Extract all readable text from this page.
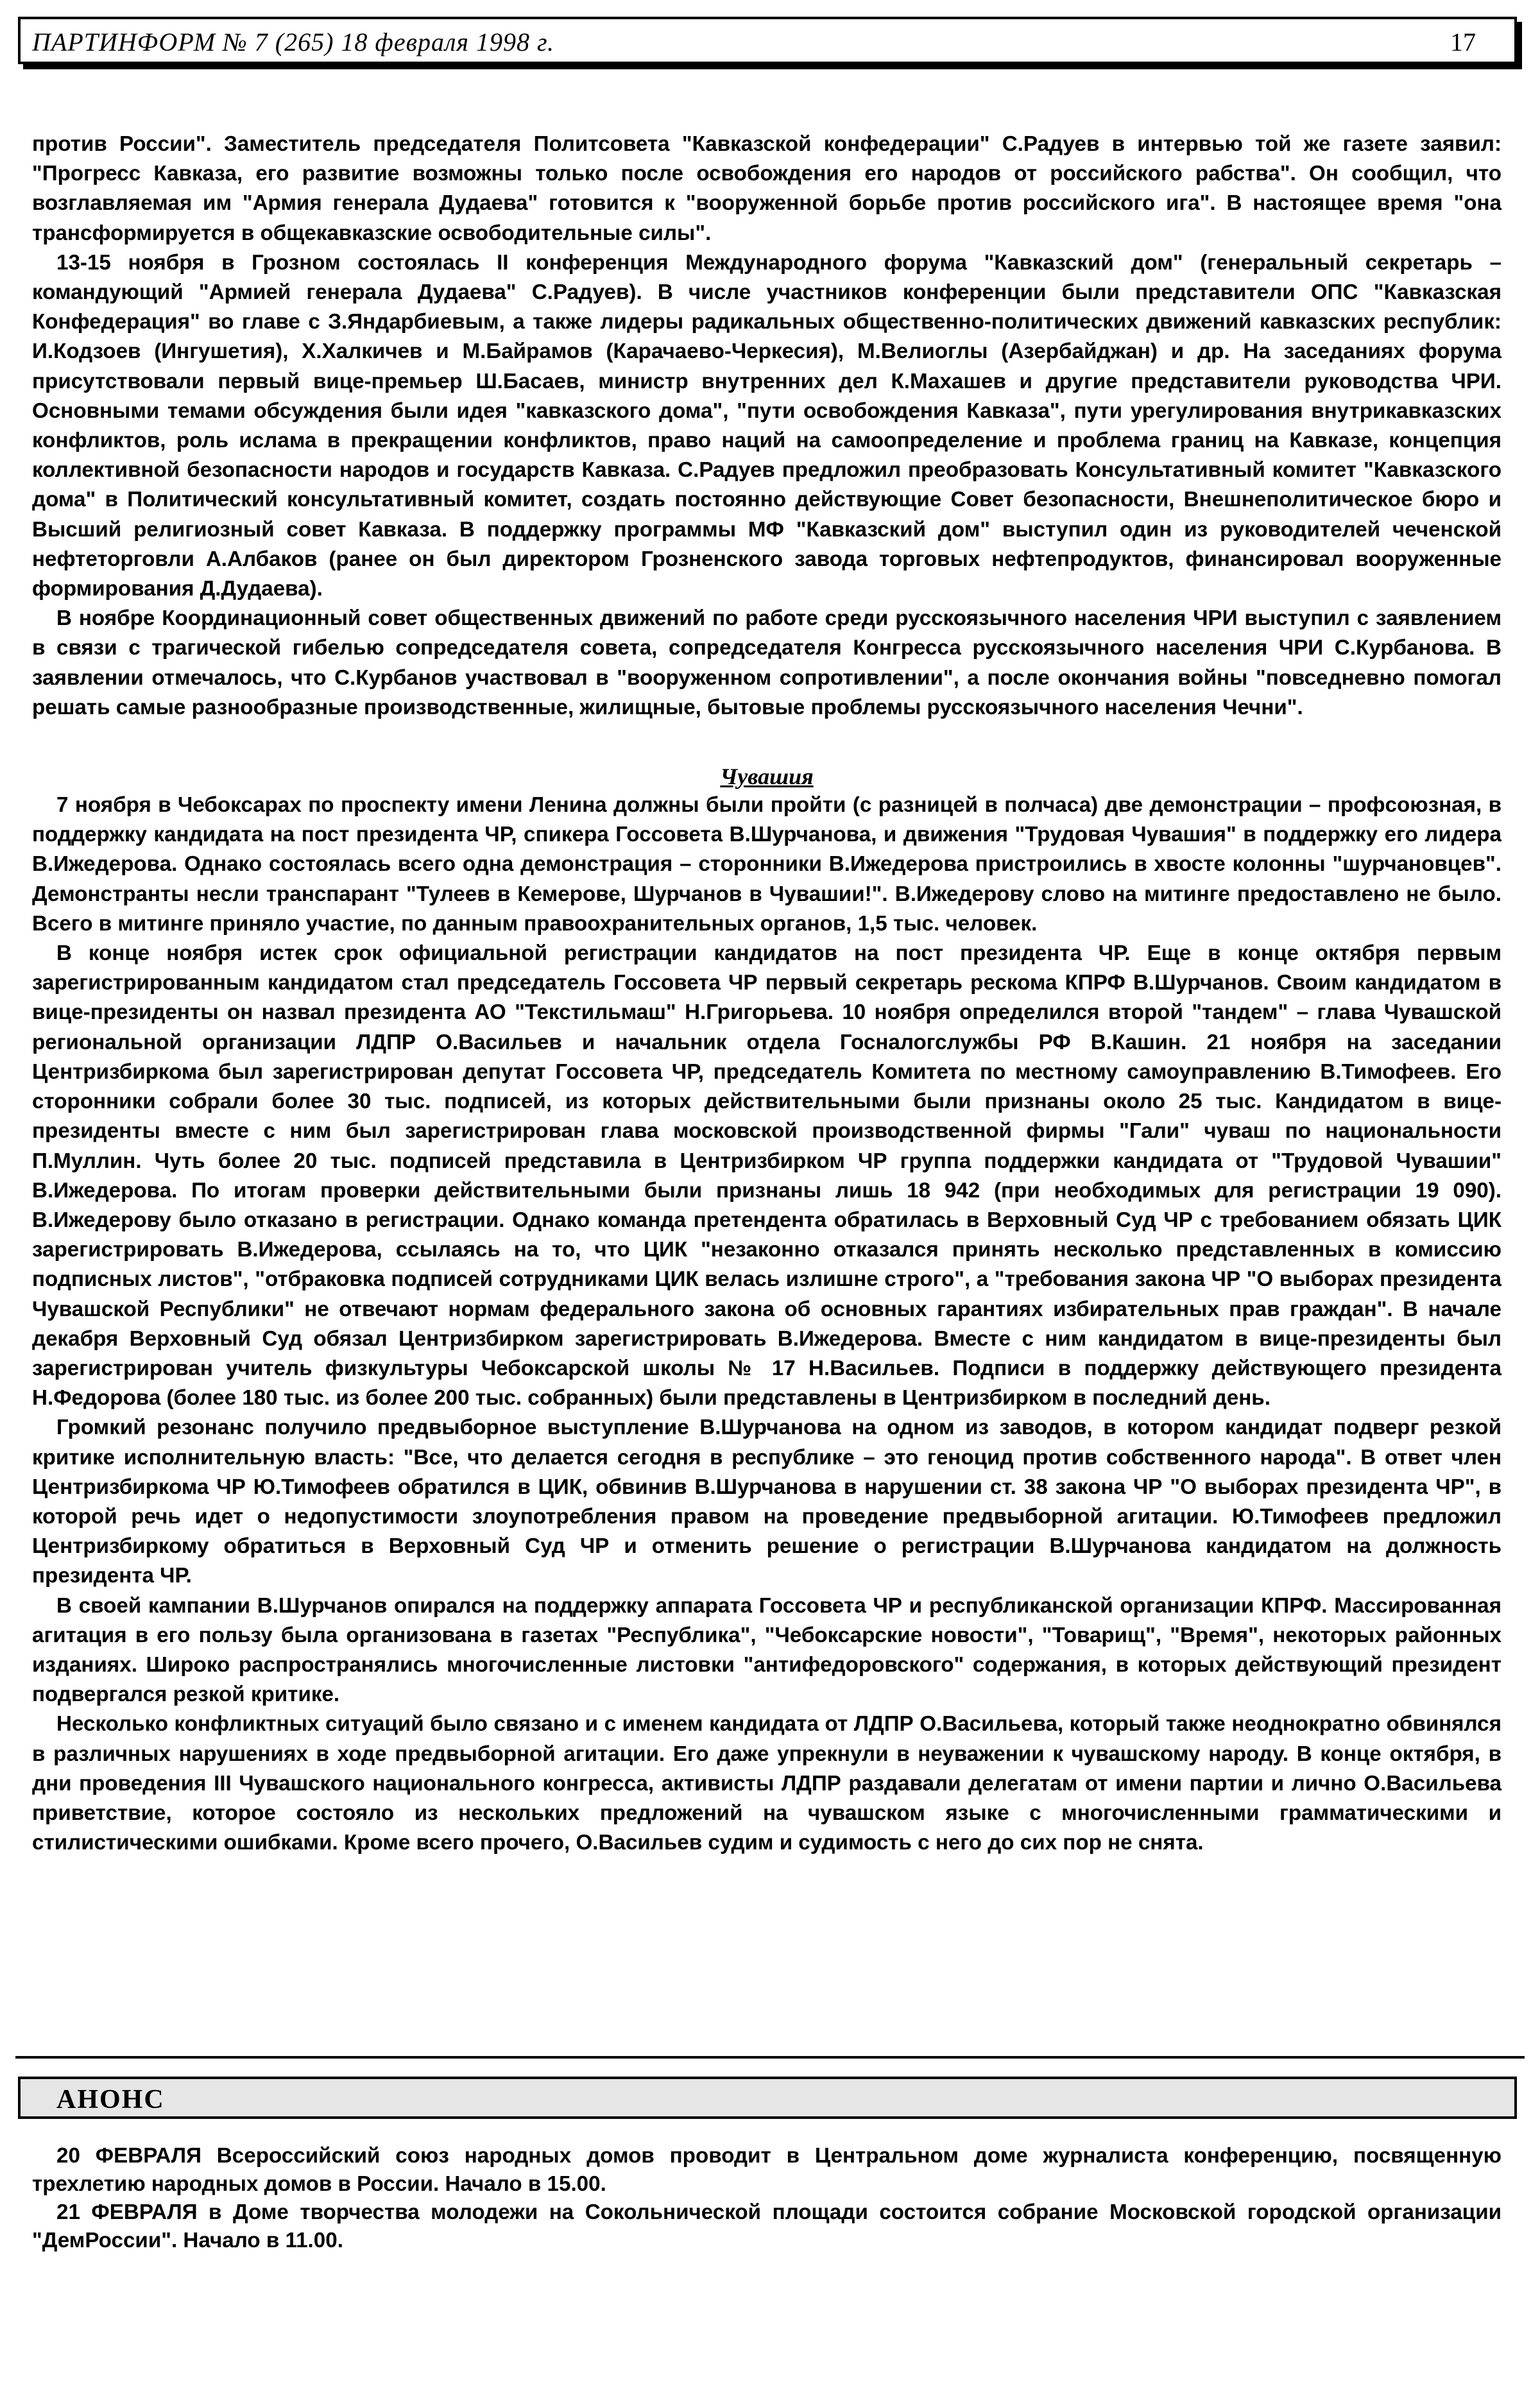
ПАРТИНФОРМ № 7 (265) 18 февраля 1998 г.	17

против России". Заместитель председателя Политсовета "Кавказской конфедерации" С.Радуев в интервью той же газете заявил: "Прогресс Кавказа, его развитие возможны только после освобождения его народов от российского рабства". Он сообщил, что возглавляемая им "Армия генерала Дудаева" готовится к "вооруженной борьбе против российского ига". В настоящее время "она трансформируется в общекавказские освободительные силы".

13-15 ноября в Грозном состоялась II конференция Международного форума "Кавказский дом" (генеральный секретарь – командующий "Армией генерала Дудаева" С.Радуев). В числе участников конференции были представители ОПС "Кавказская Конфедерация" во главе с З.Яндарбиевым, а также лидеры радикальных общественно-политических движений кавказских республик: И.Кодзоев (Ингушетия), Х.Халкичев и М.Байрамов (Карачаево-Черкесия), М.Велиоглы (Азербайджан) и др. На заседаниях форума присутствовали первый вице-премьер Ш.Басаев, министр внутренних дел К.Махашев и другие представители руководства ЧРИ. Основными темами обсуждения были идея "кавказского дома", "пути освобождения Кавказа", пути урегулирования внутрикавказских конфликтов, роль ислама в прекращении конфликтов, право наций на самоопределение и проблема границ на Кавказе, концепция коллективной безопасности народов и государств Кавказа. С.Радуев предложил преобразовать Консультативный комитет "Кавказского дома" в Политический консультативный комитет, создать постоянно действующие Совет безопасности, Внешнеполитическое бюро и Высший религиозный совет Кавказа. В поддержку программы МФ "Кавказский дом" выступил один из руководителей чеченской нефтеторговли А.Албаков (ранее он был директором Грозненского завода торговых нефтепродуктов, финансировал вооруженные формирования Д.Дудаева).

В ноябре Координационный совет общественных движений по работе среди русскоязычного населения ЧРИ выступил с заявлением в связи с трагической гибелью сопредседателя совета, сопредседателя Конгресса русскоязычного населения ЧРИ С.Курбанова. В заявлении отмечалось, что С.Курбанов участвовал в "вооруженном сопротивлении", а после окончания войны "повседневно помогал решать самые разнообразные производственные, жилищные, бытовые проблемы русскоязычного населения Чечни".

Чувашия

7 ноября в Чебоксарах по проспекту имени Ленина должны были пройти (с разницей в полчаса) две демонстрации – профсоюзная, в поддержку кандидата на пост президента ЧР, спикера Госсовета В.Шурчанова, и движения "Трудовая Чувашия" в поддержку его лидера В.Ижедерова. Однако состоялась всего одна демонстрация – сторонники В.Ижедерова пристроились в хвосте колонны "шурчановцев". Демонстранты несли транспарант "Тулеев в Кемерове, Шурчанов в Чувашии!". В.Ижедерову слово на митинге предоставлено не было. Всего в митинге приняло участие, по данным правоохранительных органов, 1,5 тыс. человек.

В конце ноября истек срок официальной регистрации кандидатов на пост президента ЧР. Еще в конце октября первым зарегистрированным кандидатом стал председатель Госсовета ЧР первый секретарь рескома КПРФ В.Шурчанов. Своим кандидатом в вице-президенты он назвал президента АО "Текстильмаш" Н.Григорьева. 10 ноября определился второй "тандем" – глава Чувашской региональной организации ЛДПР О.Васильев и начальник отдела Госналогслужбы РФ В.Кашин. 21 ноября на заседании Центризбиркома был зарегистрирован депутат Госсовета ЧР, председатель Комитета по местному самоуправлению В.Тимофеев. Его сторонники собрали более 30 тыс. подписей, из которых действительными были признаны около 25 тыс. Кандидатом в вице-президенты вместе с ним был зарегистрирован глава московской производственной фирмы "Гали" чуваш по национальности П.Муллин. Чуть более 20 тыс. подписей представила в Центризбирком ЧР группа поддержки кандидата от "Трудовой Чувашии" В.Ижедерова. По итогам проверки действительными были признаны лишь 18 942 (при необходимых для регистрации 19 090). В.Ижедерову было отказано в регистрации. Однако команда претендента обратилась в Верховный Суд ЧР с требованием обязать ЦИК зарегистрировать В.Ижедерова, ссылаясь на то, что ЦИК "незаконно отказался принять несколько представленных в комиссию подписных листов", "отбраковка подписей сотрудниками ЦИК велась излишне строго", а "требования закона ЧР "О выборах президента Чувашской Республики" не отвечают нормам федерального закона об основных гарантиях избирательных прав граждан". В начале декабря Верховный Суд обязал Центризбирком зарегистрировать В.Ижедерова. Вместе с ним кандидатом в вице-президенты был зарегистрирован учитель физкультуры Чебоксарской школы № 17 Н.Васильев. Подписи в поддержку действующего президента Н.Федорова (более 180 тыс. из более 200 тыс. собранных) были представлены в Центризбирком в последний день.

Громкий резонанс получило предвыборное выступление В.Шурчанова на одном из заводов, в котором кандидат подверг резкой критике исполнительную власть: "Все, что делается сегодня в республике – это геноцид против собственного народа". В ответ член Центризбиркома ЧР Ю.Тимофеев обратился в ЦИК, обвинив В.Шурчанова в нарушении ст. 38 закона ЧР "О выборах президента ЧР", в которой речь идет о недопустимости злоупотребления правом на проведение предвыборной агитации. Ю.Тимофеев предложил Центризбиркому обратиться в Верховный Суд ЧР и отменить решение о регистрации В.Шурчанова кандидатом на должность президента ЧР.

В своей кампании В.Шурчанов опирался на поддержку аппарата Госсовета ЧР и республиканской организации КПРФ. Массированная агитация в его пользу была организована в газетах "Республика", "Чебоксарские новости", "Товарищ", "Время", некоторых районных изданиях. Широко распространялись многочисленные листовки "антифедоровского" содержания, в которых действующий президент подвергался резкой критике.

Несколько конфликтных ситуаций было связано и с именем кандидата от ЛДПР О.Васильева, который также неоднократно обвинялся в различных нарушениях в ходе предвыборной агитации. Его даже упрекнули в неуважении к чувашскому народу. В конце октября, в дни проведения III Чувашского национального конгресса, активисты ЛДПР раздавали делегатам от имени партии и лично О.Васильева приветствие, которое состояло из нескольких предложений на чувашском языке с многочисленными грамматическими и стилистическими ошибками. Кроме всего прочего, О.Васильев судим и судимость с него до сих пор не снята.

АНОНС

20 ФЕВРАЛЯ Всероссийский союз народных домов проводит в Центральном доме журналиста конференцию, посвященную трехлетию народных домов в России. Начало в 15.00.

21 ФЕВРАЛЯ в Доме творчества молодежи на Сокольнической площади состоится собрание Московской городской организации "ДемРоссии". Начало в 11.00.
